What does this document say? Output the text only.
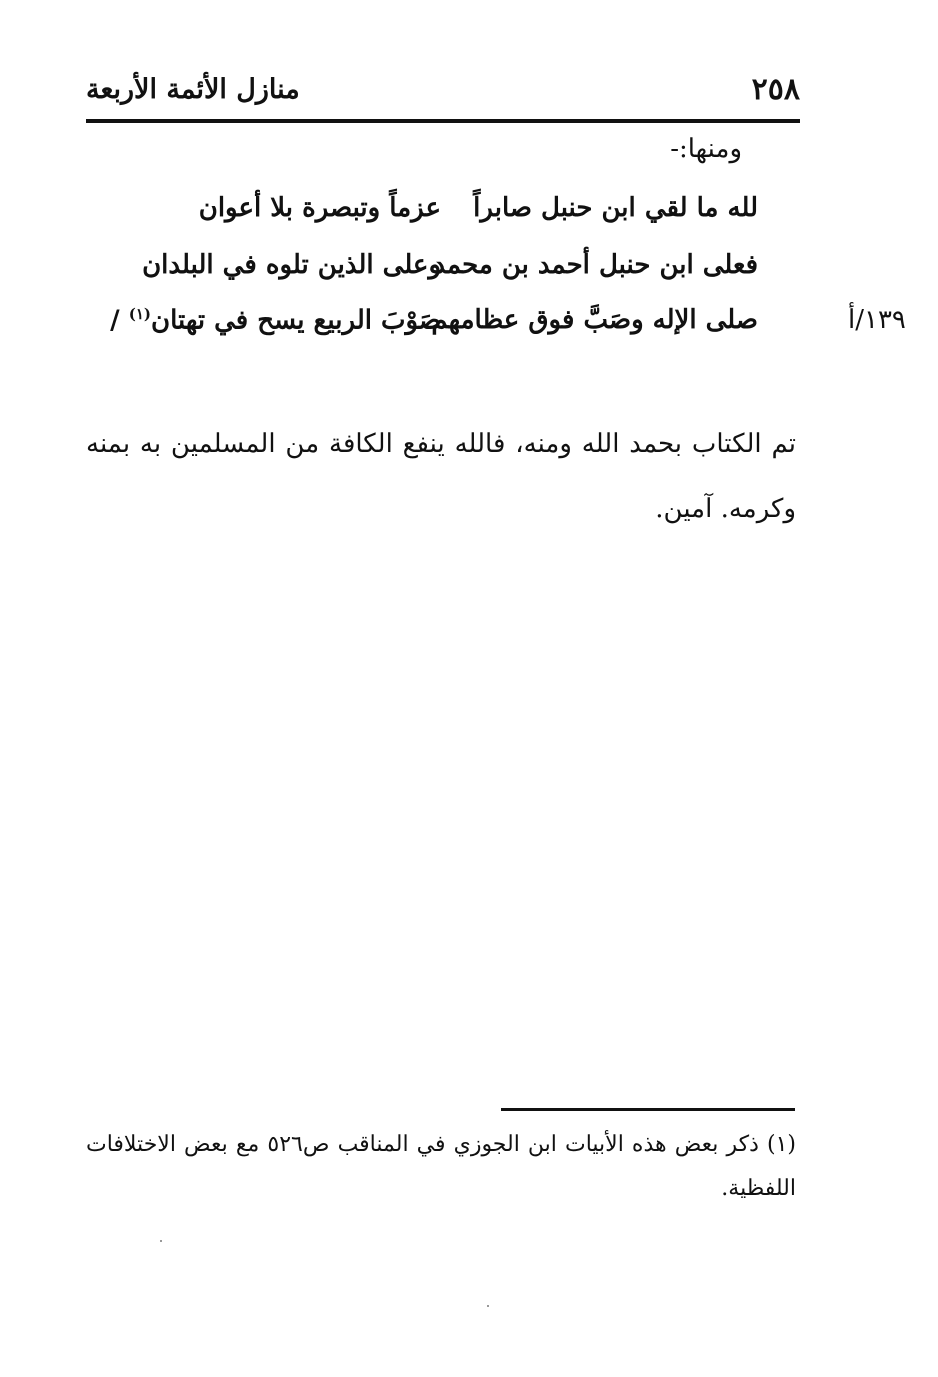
٢٥٨
منازل الأئمة الأربعة
ومنها:-
لله ما لقي ابن حنبل صابراً
عزماً وتبصرة بلا أعوان
فعلى ابن حنبل أحمد بن محمد
وعلى الذين تلوه في البلدان
صلى الإله وصَبَّ فوق عظامهم
صَوْبَ الربيع يسح في تهتان$^{(١)}$ /	١٣٩/أ
تم الكتاب بحمد الله ومنه، فالله ينفع الكافة من المسلمين به بمنه وكرمه. آمين.
(١) ذكر بعض هذه الأبيات ابن الجوزي في المناقب ص٥٢٦ مع بعض الاختلافات اللفظية.
